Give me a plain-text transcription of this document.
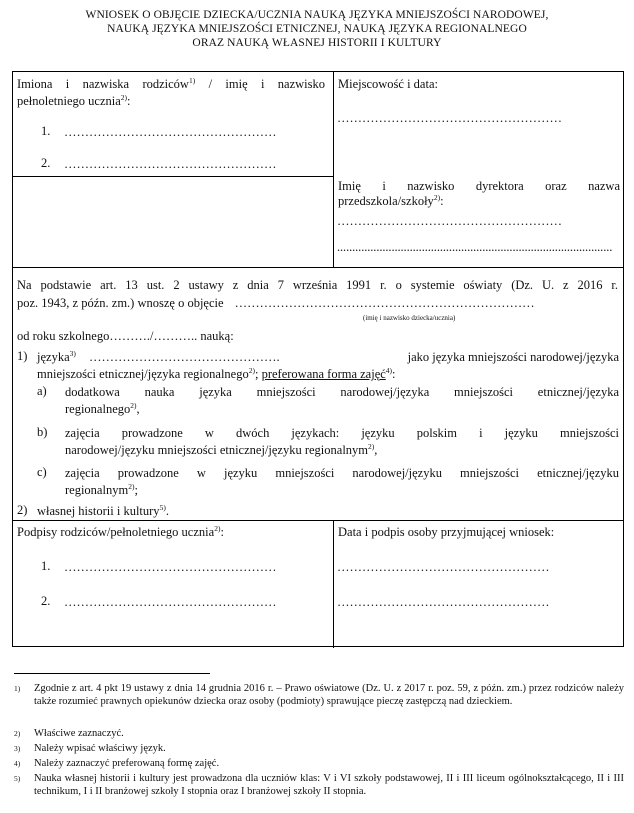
WNIOSEK O OBJĘCIE DZIECKA/UCZNIA NAUKĄ JĘZYKA MNIEJSZOŚCI NARODOWEJ,
NAUKĄ JĘZYKA MNIEJSZOŚCI ETNICZNEJ, NAUKĄ JĘZYKA REGIONALNEGO
ORAZ NAUKĄ WŁASNEJ HISTORII I KULTURY
Imiona i nazwiska rodziców$^{1)}$ / imię i nazwisko
pełnoletniego ucznia$^{2)}$:
1. ……………………………………………
2. ……………………………………………
Miejscowość i data:
………………………………………………
Imię i nazwisko dyrektora oraz nazwa
przedszkola/szkoły$^{2)}$:
………………………………………………
...........................................................................................
Na podstawie art. 13 ust. 2 ustawy z dnia 7 września 1991 r. o systemie oświaty (Dz. U. z 2016 r.
poz. 1943, z późn. zm.) wnoszę o objęcie ………………………………………………………………
(imię i nazwisko dziecka/ucznia)
od roku szkolnego………./……….. nauką:
1) języka$^{3)}$ ……………………………………….	jako języka mniejszości narodowej/języka
mniejszości etnicznej/języka regionalnego$^{2)}$; preferowana forma zajęć$^{4)}$:
a) dodatkowa nauka języka mniejszości narodowej/języka mniejszości etnicznej/języka
regionalnego$^{2)}$,
b) zajęcia prowadzone w dwóch językach: języku polskim i języku mniejszości
narodowej/języku mniejszości etnicznej/języku regionalnym$^{2)}$,
c) zajęcia prowadzone w języku mniejszości narodowej/języku mniejszości etnicznej/języku
regionalnym$^{2)}$;
2) własnej historii i kultury$^{5)}$.
Podpisy rodziców/pełnoletniego ucznia$^{2)}$:
1. ……………………………………………
2. ……………………………………………
Data i podpis osoby przyjmującej wniosek:
……………………………………………
……………………………………………
1) Zgodnie z art. 4 pkt 19 ustawy z dnia 14 grudnia 2016 r. – Prawo oświatowe (Dz. U. z 2017 r. poz. 59, z późn. zm.) przez rodziców należy także rozumieć prawnych opiekunów dziecka oraz osoby (podmioty) sprawujące pieczę zastępczą nad dzieckiem.
2) Właściwe zaznaczyć.
3) Należy wpisać właściwy język.
4) Należy zaznaczyć preferowaną formę zajęć.
5) Nauka własnej historii i kultury jest prowadzona dla uczniów klas: V i VI szkoły podstawowej, II i III liceum ogólnokształcącego, II i III technikum, I i II branżowej szkoły I stopnia oraz I branżowej szkoły II stopnia.
